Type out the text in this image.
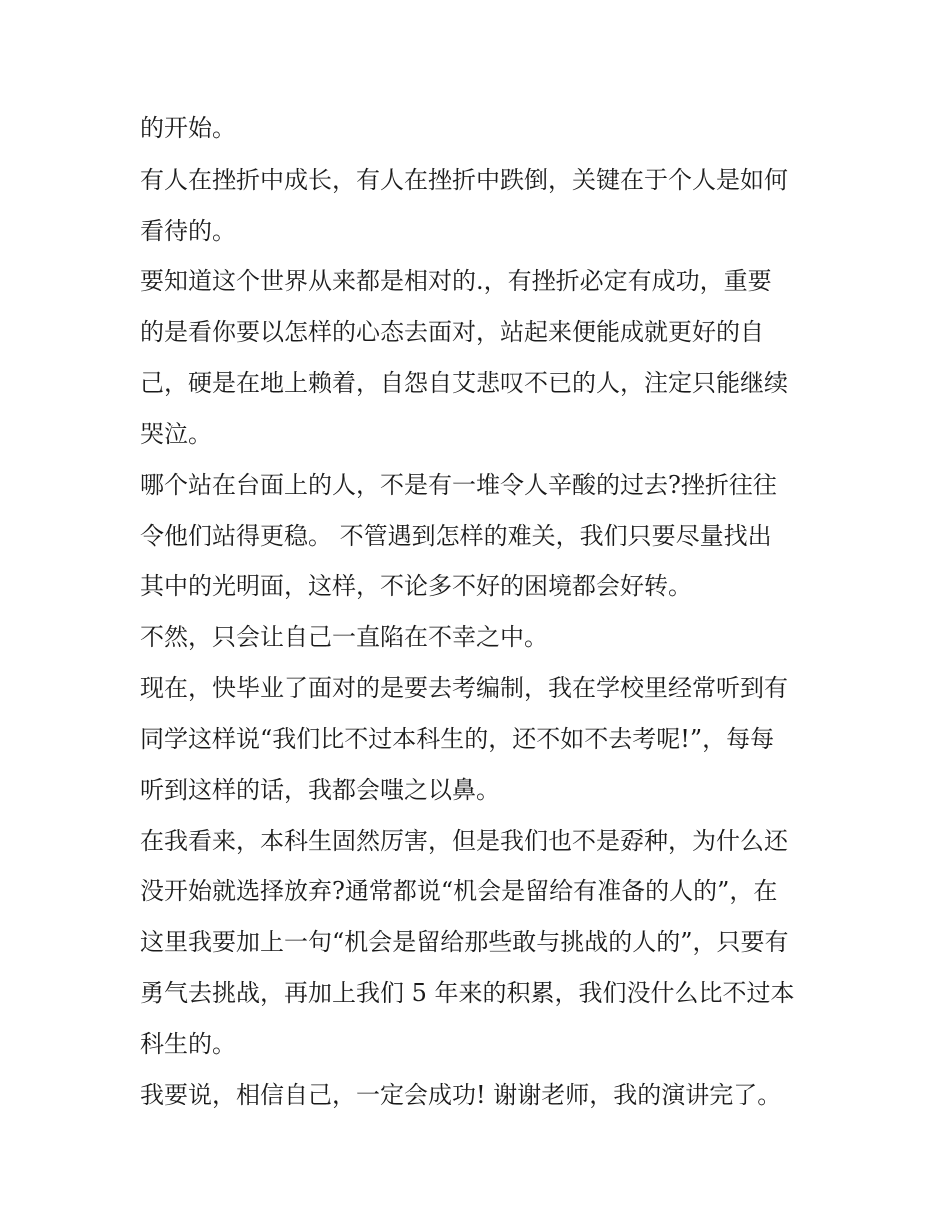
的开始。
有人在挫折中成长，有人在挫折中跌倒，关键在于个人是如何
看待的。
要知道这个世界从来都是相对的.，有挫折必定有成功，重要
的是看你要以怎样的心态去面对，站起来便能成就更好的自
己，硬是在地上赖着，自怨自艾悲叹不已的人，注定只能继续
哭泣。
哪个站在台面上的人，不是有一堆令人辛酸的过去?挫折往往
令他们站得更稳。 不管遇到怎样的难关，我们只要尽量找出
其中的光明面，这样，不论多不好的困境都会好转。
不然，只会让自己一直陷在不幸之中。
现在，快毕业了面对的是要去考编制，我在学校里经常听到有
同学这样说“我们比不过本科生的，还不如不去考呢!”，每每
听到这样的话，我都会嗤之以鼻。
在我看来，本科生固然厉害，但是我们也不是孬种，为什么还
没开始就选择放弃?通常都说“机会是留给有准备的人的”，在
这里我要加上一句“机会是留给那些敢与挑战的人的”，只要有
勇气去挑战，再加上我们 5 年来的积累，我们没什么比不过本
科生的。
我要说，相信自己，一定会成功! 谢谢老师，我的演讲完了。
